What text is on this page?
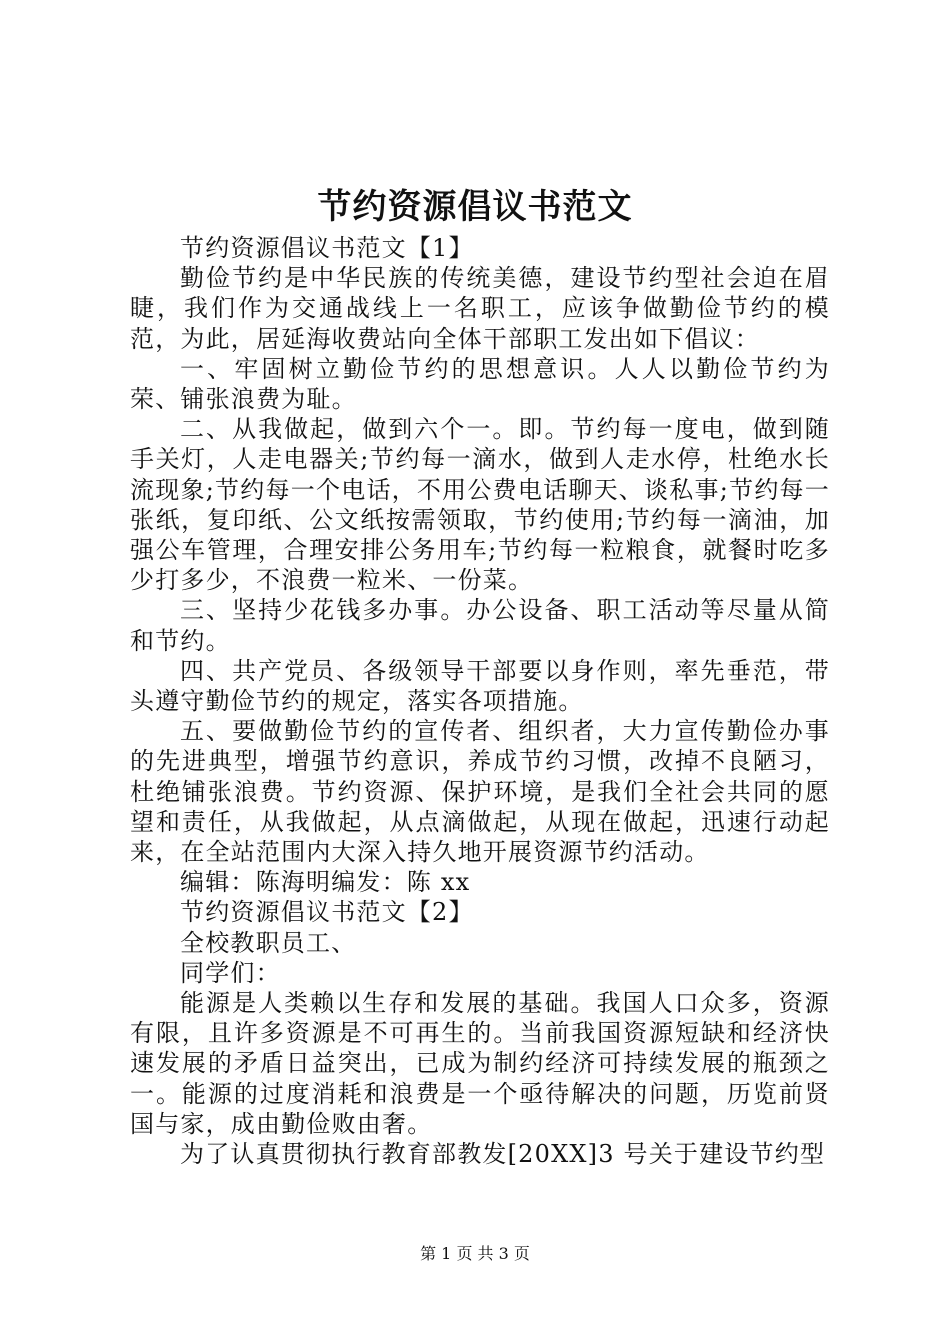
节约资源倡议书范文

节约资源倡议书范文【1】

勤俭节约是中华民族的传统美德，建设节约型社会迫在眉睫，我们作为交通战线上一名职工，应该争做勤俭节约的模范，为此，居延海收费站向全体干部职工发出如下倡议：

一、牢固树立勤俭节约的思想意识。人人以勤俭节约为荣、铺张浪费为耻。

二、从我做起，做到六个一。即。节约每一度电，做到随手关灯，人走电器关;节约每一滴水，做到人走水停，杜绝水长流现象;节约每一个电话，不用公费电话聊天、谈私事;节约每一张纸，复印纸、公文纸按需领取，节约使用;节约每一滴油，加强公车管理，合理安排公务用车;节约每一粒粮食，就餐时吃多少打多少，不浪费一粒米、一份菜。

三、坚持少花钱多办事。办公设备、职工活动等尽量从简和节约。

四、共产党员、各级领导干部要以身作则，率先垂范，带头遵守勤俭节约的规定，落实各项措施。

五、要做勤俭节约的宣传者、组织者，大力宣传勤俭办事的先进典型，增强节约意识，养成节约习惯，改掉不良陋习，杜绝铺张浪费。节约资源、保护环境，是我们全社会共同的愿望和责任，从我做起，从点滴做起，从现在做起，迅速行动起来，在全站范围内大深入持久地开展资源节约活动。

编辑：陈海明编发：陈 xx

节约资源倡议书范文【2】

全校教职员工、

同学们：

能源是人类赖以生存和发展的基础。我国人口众多，资源有限，且许多资源是不可再生的。当前我国资源短缺和经济快速发展的矛盾日益突出，已成为制约经济可持续发展的瓶颈之一。能源的过度消耗和浪费是一个亟待解决的问题，历览前贤国与家，成由勤俭败由奢。

为了认真贯彻执行教育部教发[20XX]3 号关于建设节约型

第 1 页 共 3 页
